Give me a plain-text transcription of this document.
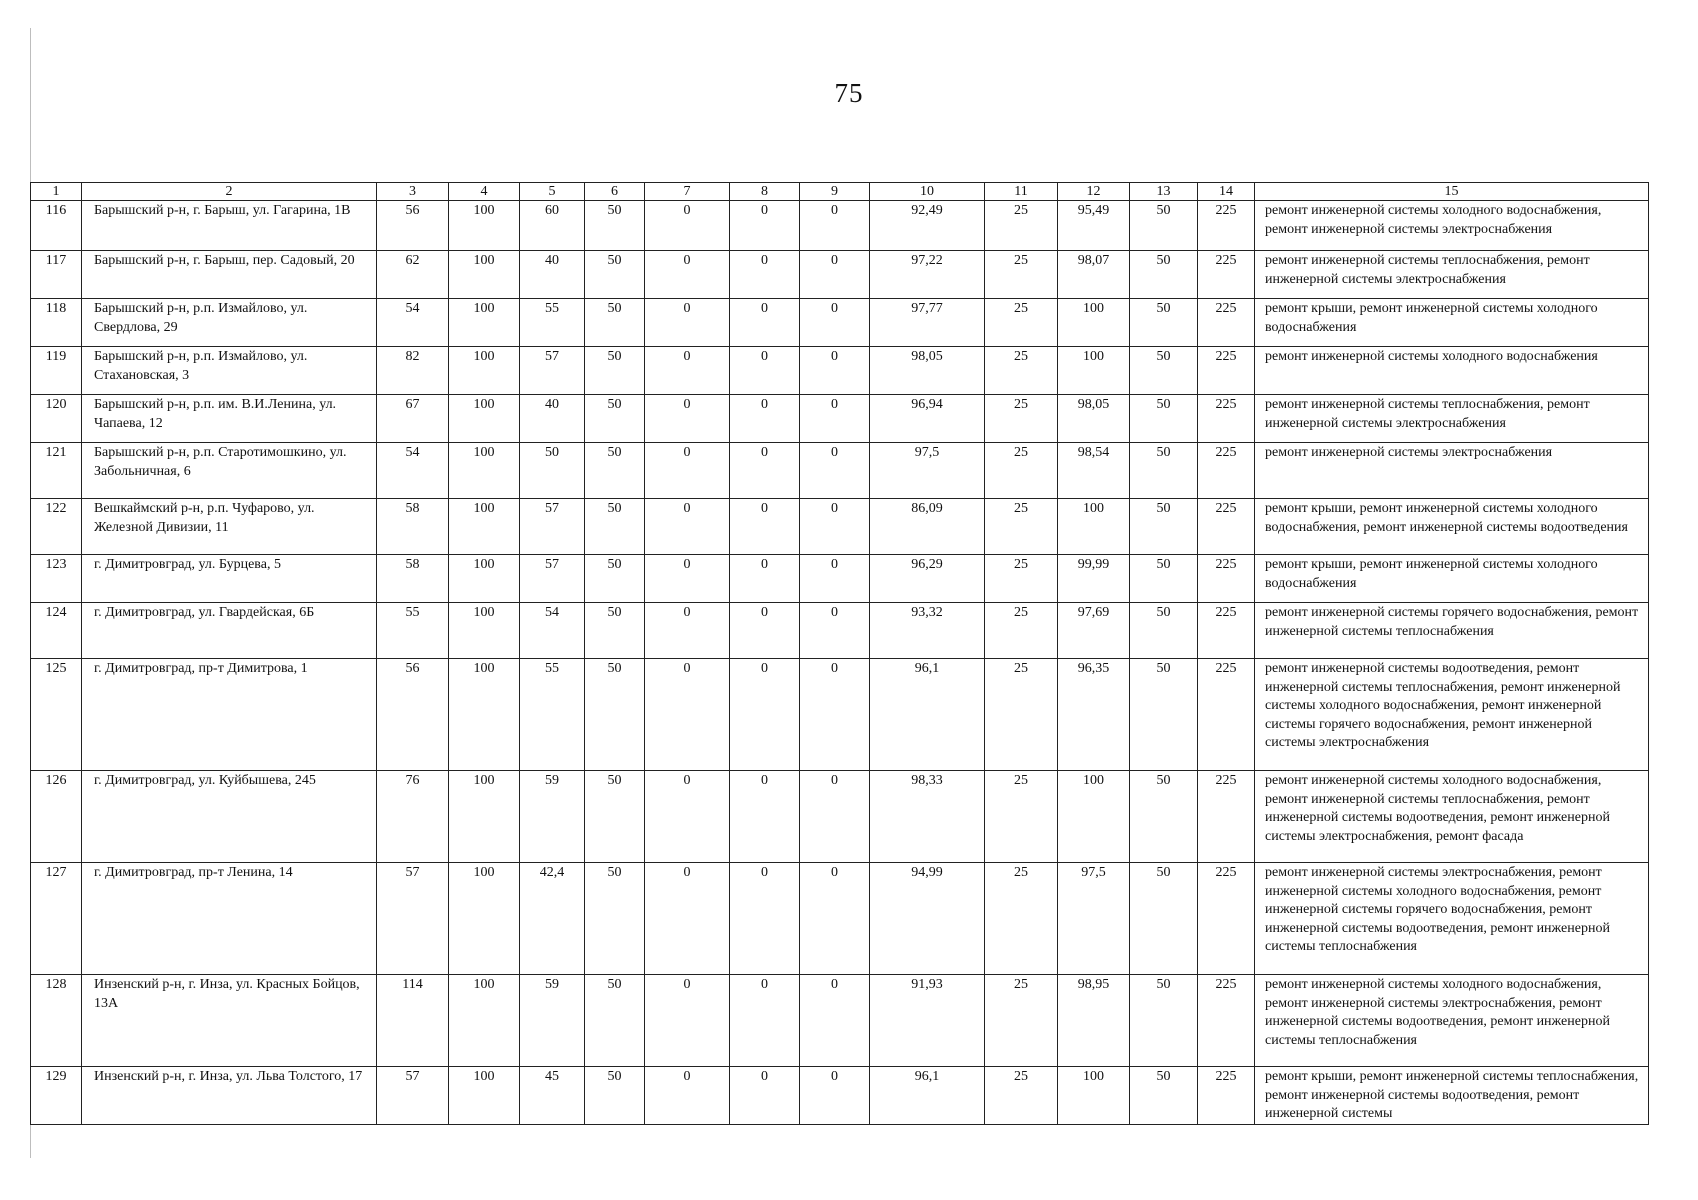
75
1	2	3	4	5	6	7	8	9	10	11	12	13	14	15
116	Барышский р-н, г. Барыш, ул. Гагарина, 1В	56	100	60	50	0	0	0	92,49	25	95,49	50	225	ремонт инженерной системы холодного водоснабжения, ремонт инженерной системы электроснабжения
117	Барышский р-н, г. Барыш, пер. Садовый, 20	62	100	40	50	0	0	0	97,22	25	98,07	50	225	ремонт инженерной системы теплоснабжения, ремонт инженерной системы электроснабжения
118	Барышский р-н, р.п. Измайлово, ул. Свердлова, 29	54	100	55	50	0	0	0	97,77	25	100	50	225	ремонт крыши, ремонт инженерной системы холодного водоснабжения
119	Барышский р-н, р.п. Измайлово, ул. Стахановская, 3	82	100	57	50	0	0	0	98,05	25	100	50	225	ремонт инженерной системы холодного водоснабжения
120	Барышский р-н, р.п. им. В.И.Ленина, ул. Чапаева, 12	67	100	40	50	0	0	0	96,94	25	98,05	50	225	ремонт инженерной системы теплоснабжения, ремонт инженерной системы электроснабжения
121	Барышский р-н, р.п. Старотимошкино, ул. Забольничная, 6	54	100	50	50	0	0	0	97,5	25	98,54	50	225	ремонт инженерной системы электроснабжения
122	Вешкаймский р-н, р.п. Чуфарово, ул. Железной Дивизии, 11	58	100	57	50	0	0	0	86,09	25	100	50	225	ремонт крыши, ремонт инженерной системы холодного водоснабжения, ремонт инженерной системы водоотведения
123	г. Димитровград, ул. Бурцева, 5	58	100	57	50	0	0	0	96,29	25	99,99	50	225	ремонт крыши, ремонт инженерной системы холодного водоснабжения
124	г. Димитровград, ул. Гвардейская, 6Б	55	100	54	50	0	0	0	93,32	25	97,69	50	225	ремонт инженерной системы горячего водоснабжения, ремонт инженерной системы теплоснабжения
125	г. Димитровград, пр-т Димитрова, 1	56	100	55	50	0	0	0	96,1	25	96,35	50	225	ремонт инженерной системы водоотведения, ремонт инженерной системы теплоснабжения, ремонт инженерной системы холодного водоснабжения, ремонт инженерной системы горячего водоснабжения, ремонт инженерной системы электроснабжения
126	г. Димитровград, ул. Куйбышева, 245	76	100	59	50	0	0	0	98,33	25	100	50	225	ремонт инженерной системы холодного водоснабжения, ремонт инженерной системы теплоснабжения, ремонт инженерной системы водоотведения, ремонт инженерной системы электроснабжения, ремонт фасада
127	г. Димитровград, пр-т Ленина, 14	57	100	42,4	50	0	0	0	94,99	25	97,5	50	225	ремонт инженерной системы электроснабжения, ремонт инженерной системы холодного водоснабжения, ремонт инженерной системы горячего водоснабжения, ремонт инженерной системы водоотведения, ремонт инженерной системы теплоснабжения
128	Инзенский р-н, г. Инза, ул. Красных Бойцов, 13А	114	100	59	50	0	0	0	91,93	25	98,95	50	225	ремонт инженерной системы холодного водоснабжения, ремонт инженерной системы электроснабжения, ремонт инженерной системы водоотведения, ремонт инженерной системы теплоснабжения
129	Инзенский р-н, г. Инза, ул. Льва Толстого, 17	57	100	45	50	0	0	0	96,1	25	100	50	225	ремонт крыши, ремонт инженерной системы теплоснабжения, ремонт инженерной системы водоотведения, ремонт инженерной системы
